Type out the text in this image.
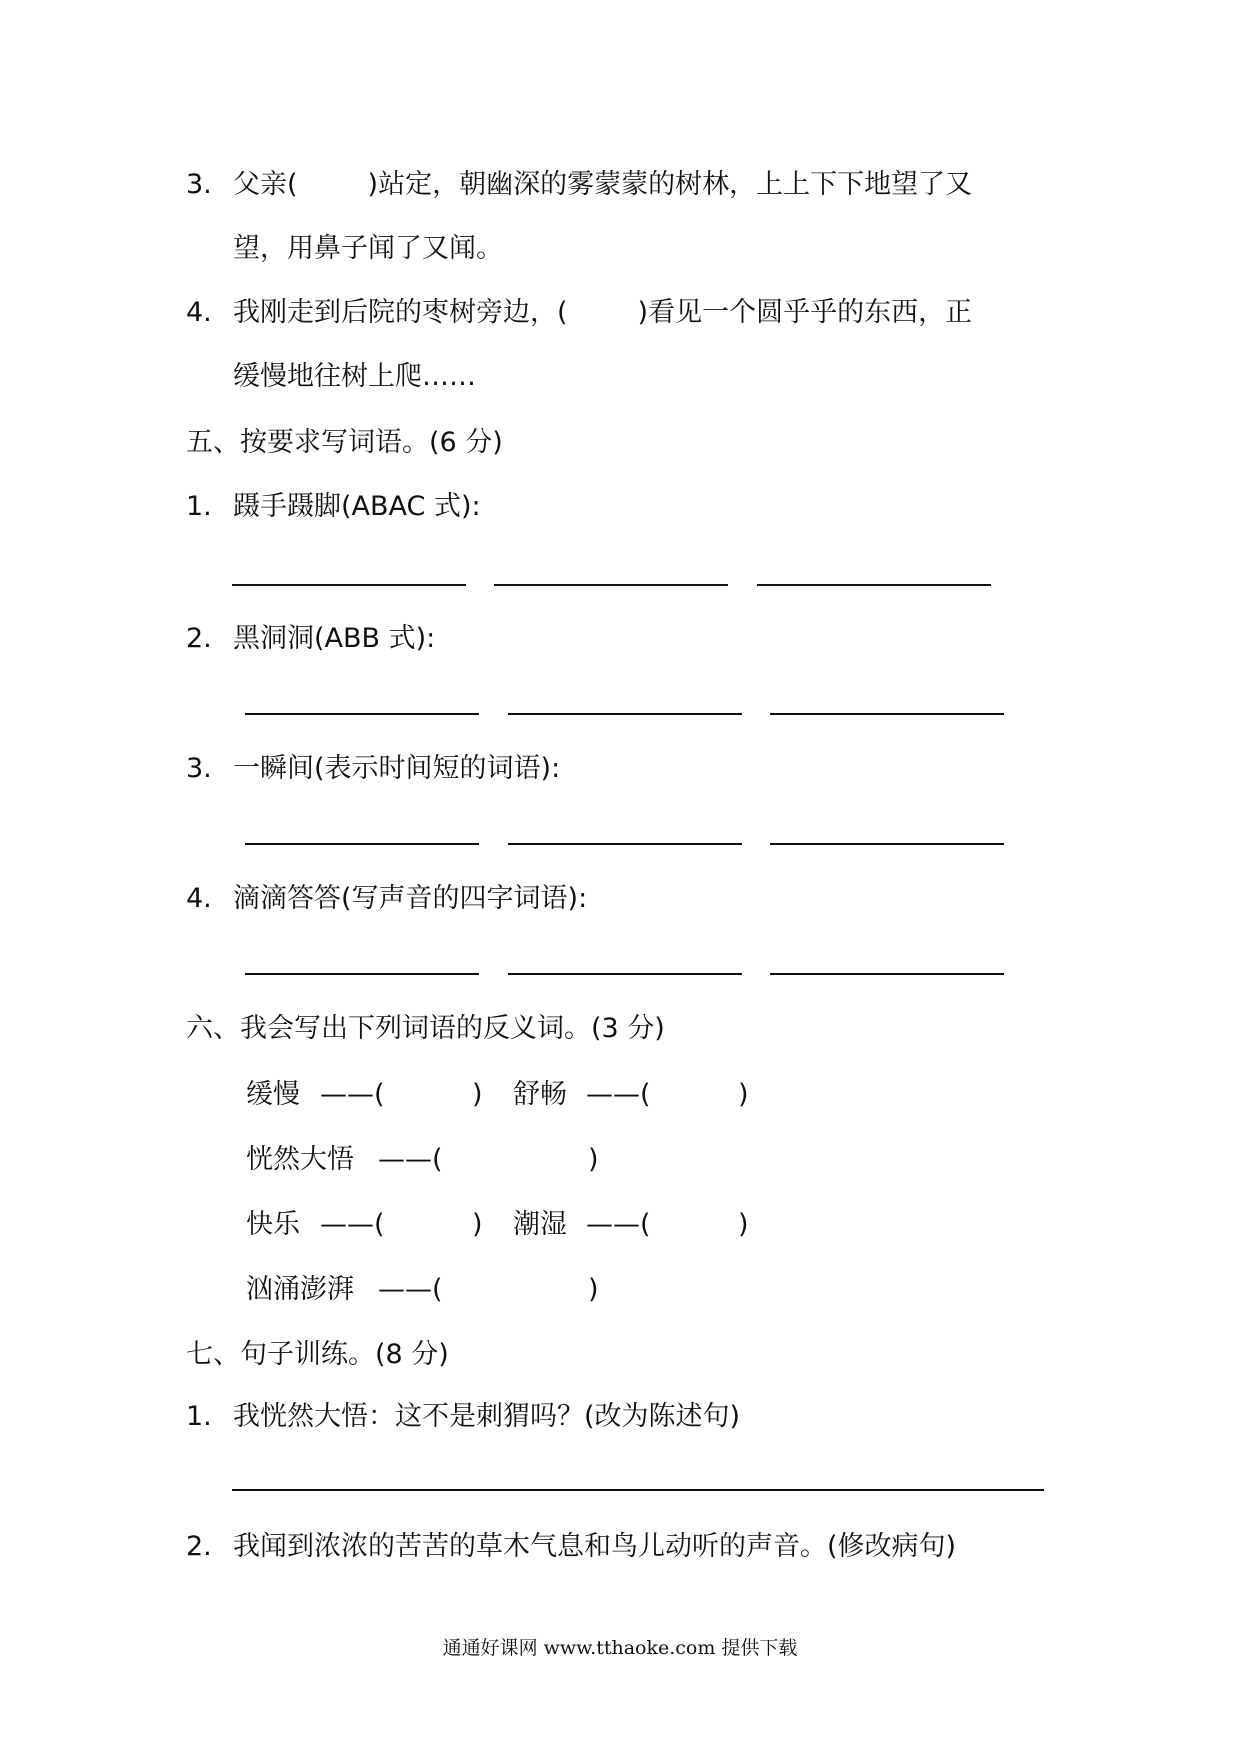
3. 父亲(	)站定，朝幽深的雾蒙蒙的树林，上上下下地望了又
望，用鼻子闻了又闻。
4. 我刚走到后院的枣树旁边，(	)看见一个圆乎乎的东西，正
缓慢地往树上爬……
五、按要求写词语。(6 分)
1. 蹑手蹑脚(ABAC 式):
2. 黑洞洞(ABB 式):
3. 一瞬间(表示时间短的词语):
4. 滴滴答答(写声音的四字词语):
六、我会写出下列词语的反义词。(3 分)
缓慢 ——(	) 舒畅 ——(	)
恍然大悟 ——(	)
快乐 ——(	) 潮湿 ——(	)
汹涌澎湃 ——(	)
七、句子训练。(8 分)
1. 我恍然大悟：这不是刺猬吗？(改为陈述句)
2. 我闻到浓浓的苦苦的草木气息和鸟儿动听的声音。(修改病句)
通通好课网 www.tthaoke.com 提供下载
